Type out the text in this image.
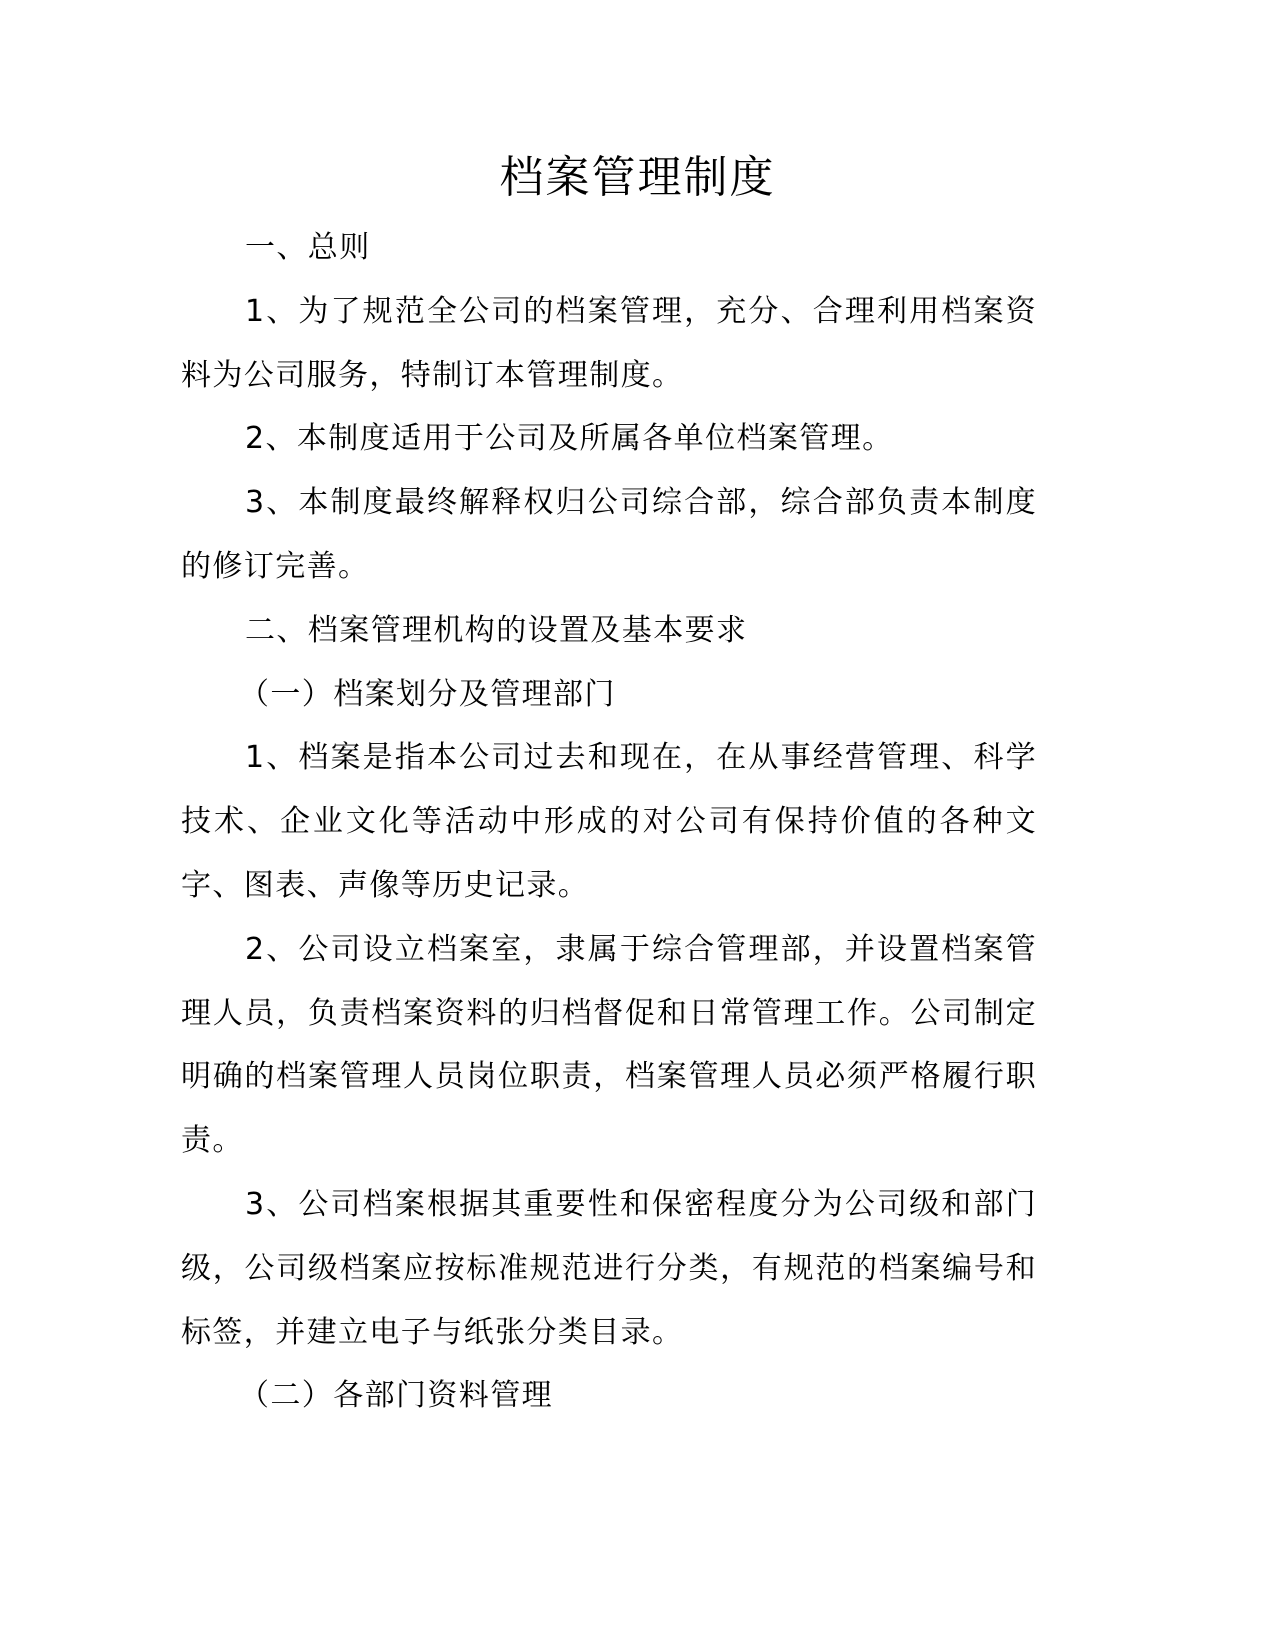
档案管理制度

一、总则

1、为了规范全公司的档案管理，充分、合理利用档案资料为公司服务，特制订本管理制度。

2、本制度适用于公司及所属各单位档案管理。

3、本制度最终解释权归公司综合部，综合部负责本制度的修订完善。

二、档案管理机构的设置及基本要求

（一）档案划分及管理部门

1、档案是指本公司过去和现在，在从事经营管理、科学技术、企业文化等活动中形成的对公司有保持价值的各种文字、图表、声像等历史记录。

2、公司设立档案室，隶属于综合管理部，并设置档案管理人员，负责档案资料的归档督促和日常管理工作。公司制定明确的档案管理人员岗位职责，档案管理人员必须严格履行职责。

3、公司档案根据其重要性和保密程度分为公司级和部门级，公司级档案应按标准规范进行分类，有规范的档案编号和标签，并建立电子与纸张分类目录。

（二）各部门资料管理
